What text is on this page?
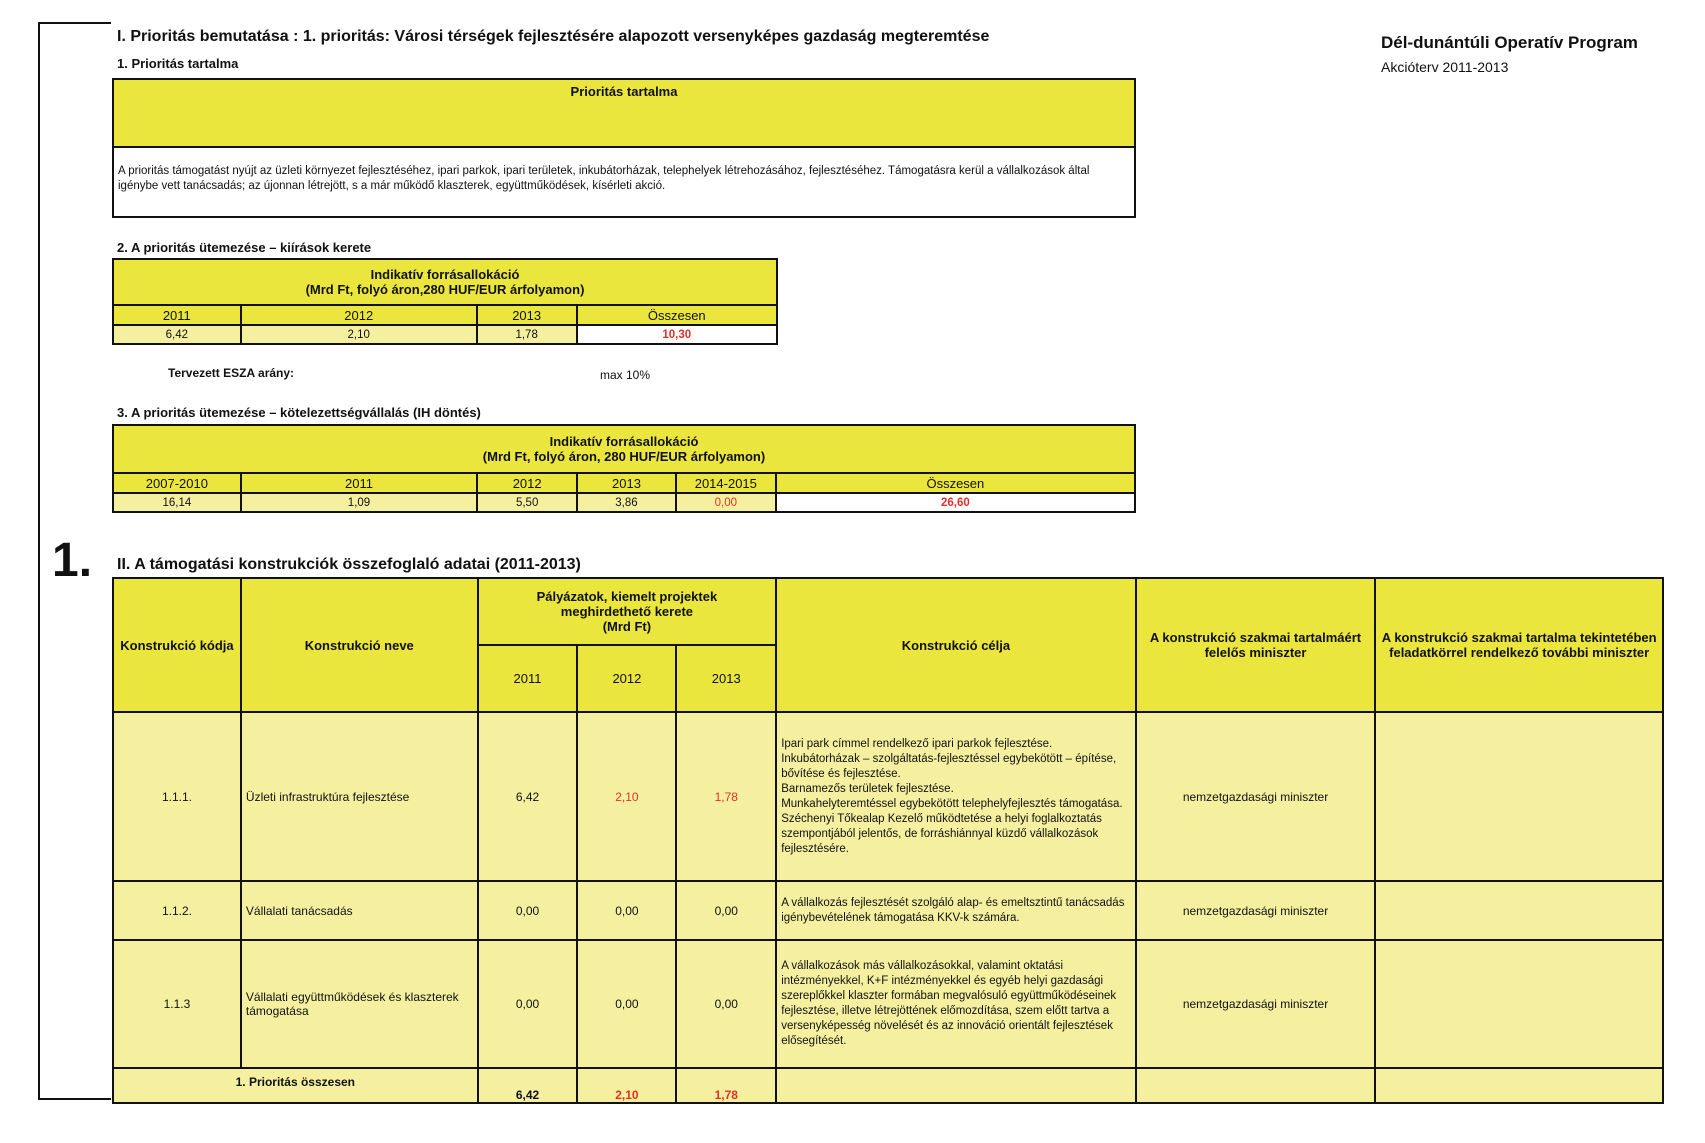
1.
I. Prioritás bemutatása : 1. prioritás: Városi térségek fejlesztésére alapozott versenyképes gazdaság megteremtése	Dél-dunántúli Operatív Program
Akcióterv 2011-2013
1. Prioritás tartalma
Prioritás tartalma
A prioritás támogatást nyújt az üzleti környezet fejlesztéséhez, ipari parkok, ipari területek, inkubátorházak, telephelyek létrehozásához, fejlesztéséhez. Támogatásra kerül a vállalkozások által igénybe vett tanácsadás; az újonnan létrejött, s a már működő klaszterek, együttműködések, kísérleti akció.
2. A prioritás ütemezése – kiírások kerete
Indikatív forrásallokáció
(Mrd Ft, folyó áron,280 HUF/EUR árfolyamon)			

2011	2012	2013	Összesen
6,42	2,10	1,78	10,30
Tervezett ESZA arány:	max 10%
3. A prioritás ütemezése – kötelezettségvállalás (IH döntés)
Indikatív forrásallokáció
(Mrd Ft, folyó áron, 280 HUF/EUR árfolyamon)					

2007-2010	2011	2012	2013	2014-2015	Összesen
16,14	1,09	5,50	3,86	0,00	26,60
II. A támogatási konstrukciók összefoglaló adatai (2011-2013)
Konstrukció kódja	Konstrukció neve	Pályázatok, kiemelt projektek
meghirdethető kerete
(Mrd Ft)			Konstrukció célja	A konstrukció szakmai tartalmáért felelős miniszter	A konstrukció szakmai tartalma tekintetében feladatkörrel rendelkező további miniszter
		2011	2012	2013			
1.1.1.	Üzleti infrastruktúra fejlesztése	6,42	2,10	1,78	Ipari park címmel rendelkező ipari parkok fejlesztése.
Inkubátorházak – szolgáltatás-fejlesztéssel egybekötött – építése, bővítése és fejlesztése.
Barnamezős területek fejlesztése.
Munkahelyteremtéssel egybekötött telephelyfejlesztés támogatása.
Széchenyi Tőkealap Kezelő működtetése a helyi foglalkoztatás szempontjából jelentős, de forráshiánnyal küzdő vállalkozások fejlesztésére.	nemzetgazdasági miniszter	
1.1.2.	Vállalati tanácsadás	0,00	0,00	0,00	A vállalkozás fejlesztését szolgáló alap- és emeltsztintű tanácsadás igénybevételének támogatása KKV-k számára.	nemzetgazdasági miniszter	
1.1.3	Vállalati együttműködések és klaszterek támogatása	0,00	0,00	0,00	A vállalkozások más vállalkozásokkal, valamint oktatási intézményekkel, K+F intézményekkel és egyéb helyi gazdasági szereplőkkel klaszter formában megvalósuló együttműködéseinek fejlesztése, illetve létrejöttének előmozdítása, szem előtt tartva a versenyképesség növelését és az innováció orientált fejlesztések elősegítését.	nemzetgazdasági miniszter	
1. Prioritás összesen		6,42	2,10	1,78			
